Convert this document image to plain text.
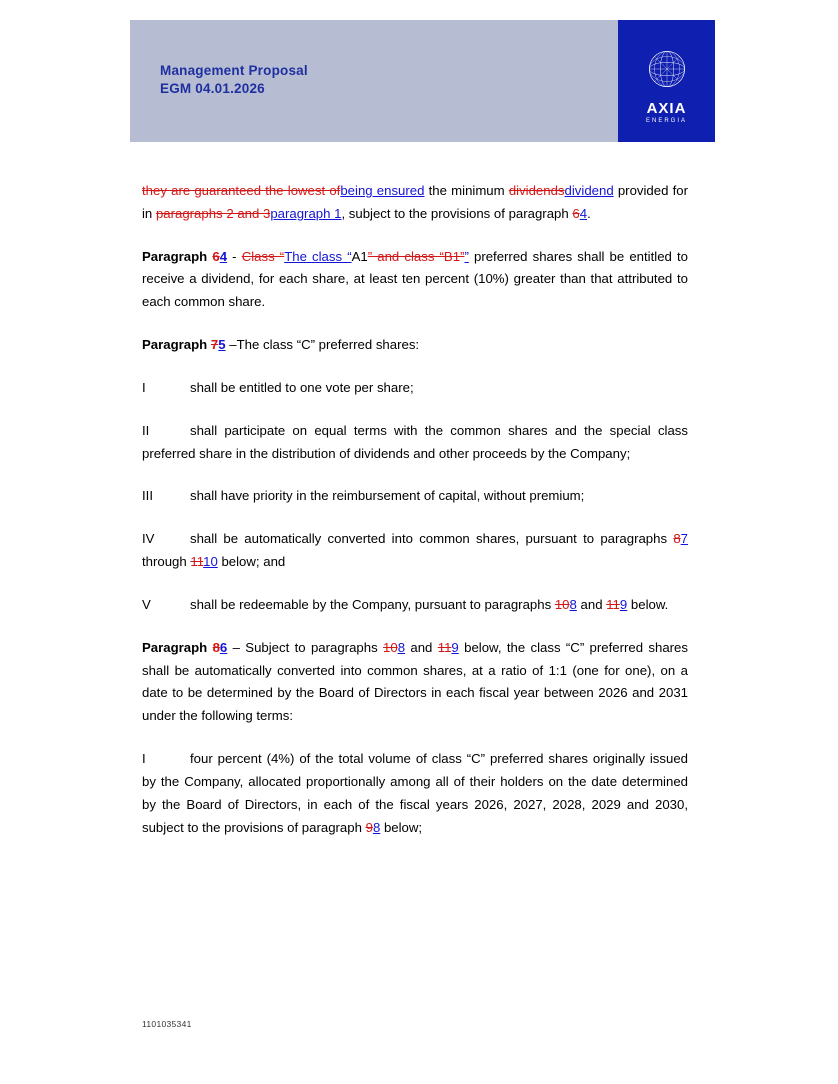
Management Proposal
EGM 04.01.2026
AXIA
ENERGIA

they are guaranteed the lowest ofbeing ensured the minimum dividendsdividend provided for in paragraphs 2 and 3paragraph 1, subject to the provisions of paragraph 64.

Paragraph 64 - Class “The class “A1” and class “B1”” preferred shares shall be entitled to receive a dividend, for each share, at least ten percent (10%) greater than that attributed to each common share.

Paragraph 75 –The class “C” preferred shares:

I	shall be entitled to one vote per share;

II	shall participate on equal terms with the common shares and the special class preferred share in the distribution of dividends and other proceeds by the Company;

III	shall have priority in the reimbursement of capital, without premium;

IV	shall be automatically converted into common shares, pursuant to paragraphs 87 through 1110 below; and

V	shall be redeemable by the Company, pursuant to paragraphs 108 and 119 below.

Paragraph 86 – Subject to paragraphs 108 and 119 below, the class “C” preferred shares shall be automatically converted into common shares, at a ratio of 1:1 (one for one), on a date to be determined by the Board of Directors in each fiscal year between 2026 and 2031 under the following terms:

I	four percent (4%) of the total volume of class “C” preferred shares originally issued by the Company, allocated proportionally among all of their holders on the date determined by the Board of Directors, in each of the fiscal years 2026, 2027, 2028, 2029 and 2030, subject to the provisions of paragraph 98 below;

1101035341
